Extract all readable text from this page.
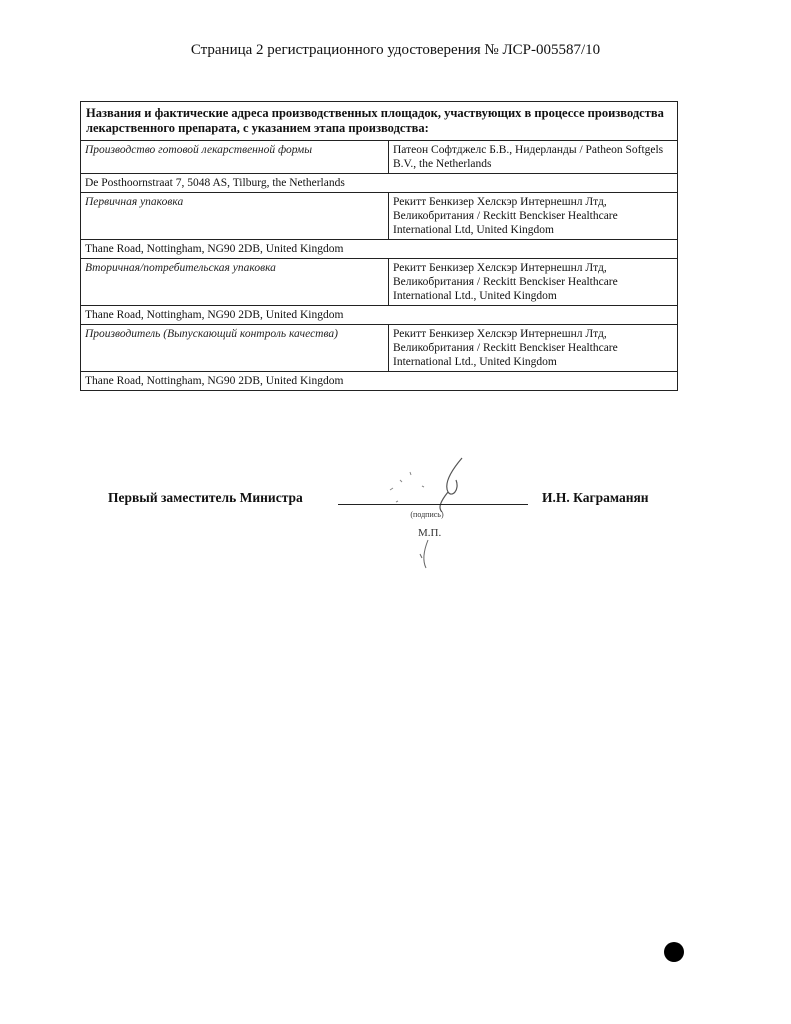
Страница 2 регистрационного удостоверения № ЛСР-005587/10
Названия и фактические адреса производственных площадок, участвующих в процессе производства лекарственного препарата, с указанием этапа производства:	
Производство готовой лекарственной формы	Патеон Софтджелс Б.В., Нидерланды / Patheon Softgels B.V., the Netherlands
De Posthoornstraat 7, 5048 AS, Tilburg, the Netherlands	
Первичная упаковка	Рекитт Бенкизер Хелскэр Интернешнл Лтд, Великобритания / Reckitt Benckiser Healthcare International Ltd, United Kingdom
Thane Road, Nottingham, NG90 2DB, United Kingdom	
Вторичная/потребительская упаковка	Рекитт Бенкизер Хелскэр Интернешнл Лтд, Великобритания / Reckitt Benckiser Healthcare International Ltd., United Kingdom
Thane Road, Nottingham, NG90 2DB, United Kingdom	
Производитель (Выпускающий контроль качества)	Рекитт Бенкизер Хелскэр Интернешнл Лтд, Великобритания / Reckitt Benckiser Healthcare International Ltd., United Kingdom
Thane Road, Nottingham, NG90 2DB, United Kingdom	
Первый заместитель Министра	И.Н. Каграманян
(подпись)
М.П.
